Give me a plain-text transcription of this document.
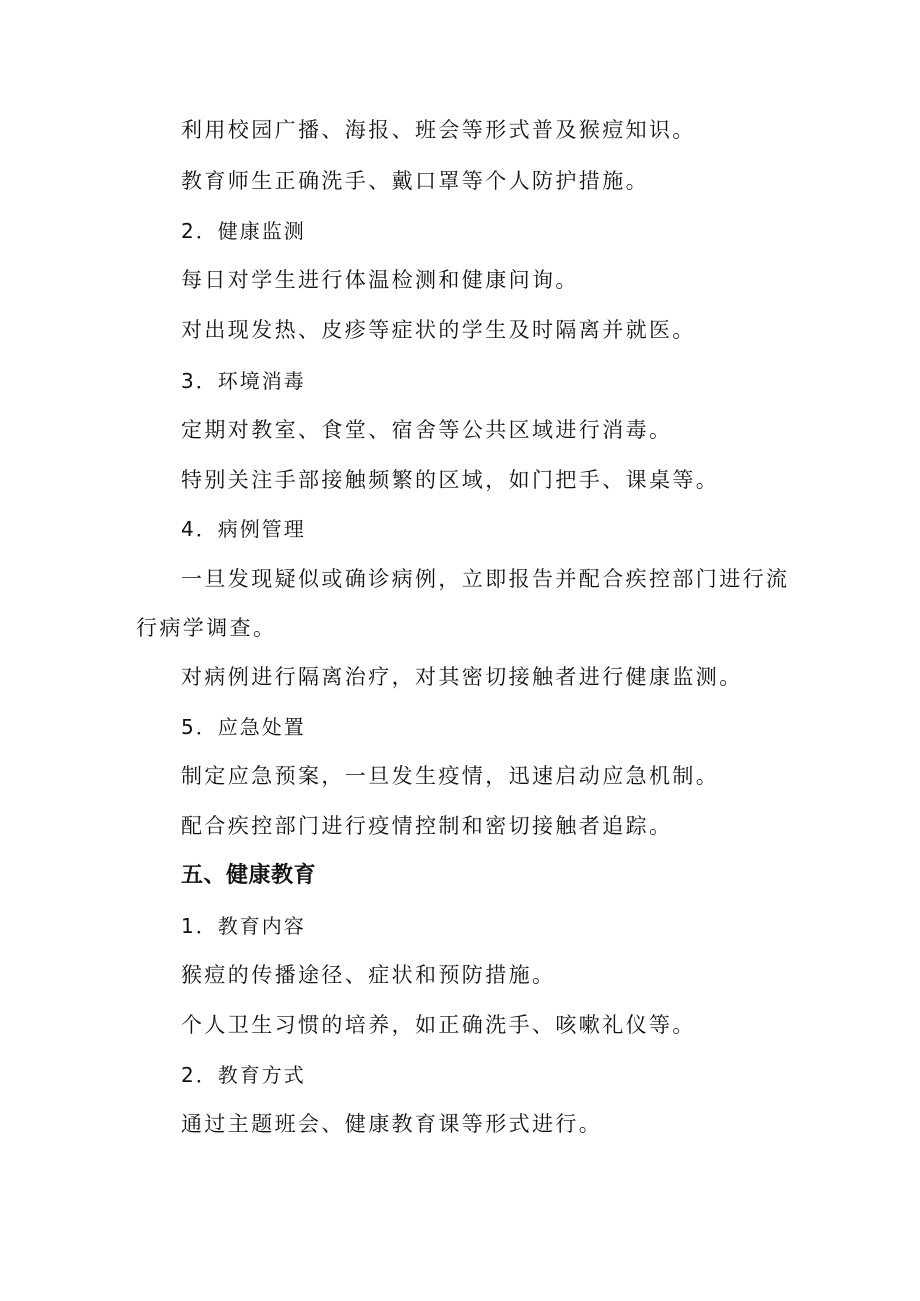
利用校园广播、海报、班会等形式普及猴痘知识。
教育师生正确洗手、戴口罩等个人防护措施。
2．健康监测
每日对学生进行体温检测和健康问询。
对出现发热、皮疹等症状的学生及时隔离并就医。
3．环境消毒
定期对教室、食堂、宿舍等公共区域进行消毒。
特别关注手部接触频繁的区域，如门把手、课桌等。
4．病例管理
一旦发现疑似或确诊病例，立即报告并配合疾控部门进行流
行病学调查。
对病例进行隔离治疗，对其密切接触者进行健康监测。
5．应急处置
制定应急预案，一旦发生疫情，迅速启动应急机制。
配合疾控部门进行疫情控制和密切接触者追踪。
五、健康教育
1．教育内容
猴痘的传播途径、症状和预防措施。
个人卫生习惯的培养，如正确洗手、咳嗽礼仪等。
2．教育方式
通过主题班会、健康教育课等形式进行。
